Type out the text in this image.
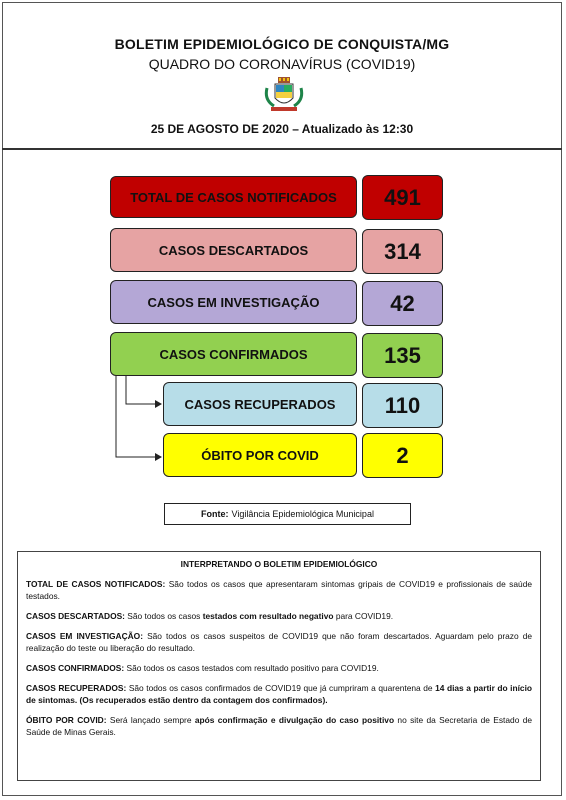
BOLETIM EPIDEMIOLÓGICO DE CONQUISTA/MG
QUADRO DO CORONAVÍRUS (COVID19)
25 DE AGOSTO DE 2020 – Atualizado às 12:30
TOTAL DE CASOS NOTIFICADOS 491
CASOS DESCARTADOS	314
CASOS EM INVESTIGAÇÃO	42
CASOS CONFIRMADOS	135
CASOS RECUPERADOS 110
ÓBITO POR COVID	2
Fonte: Vigilância Epidemiológica Municipal
INTERPRETANDO O BOLETIM EPIDEMIOLÓGICO

TOTAL DE CASOS NOTIFICADOS: São todos os casos que apresentaram sintomas gripais de COVID19 e profissionais de saúde testados.

CASOS DESCARTADOS: São todos os casos testados com resultado negativo para COVID19.

CASOS EM INVESTIGAÇÃO: São todos os casos suspeitos de COVID19 que não foram descartados. Aguardam pelo prazo de realização do teste ou liberação do resultado.

CASOS CONFIRMADOS: São todos os casos testados com resultado positivo para COVID19.

CASOS RECUPERADOS: São todos os casos confirmados de COVID19 que já cumpriram a quarentena de 14 dias a partir do início de sintomas. (Os recuperados estão dentro da contagem dos confirmados).

ÓBITO POR COVID: Será lançado sempre após confirmação e divulgação do caso positivo no site da Secretaria de Estado de Saúde de Minas Gerais.
